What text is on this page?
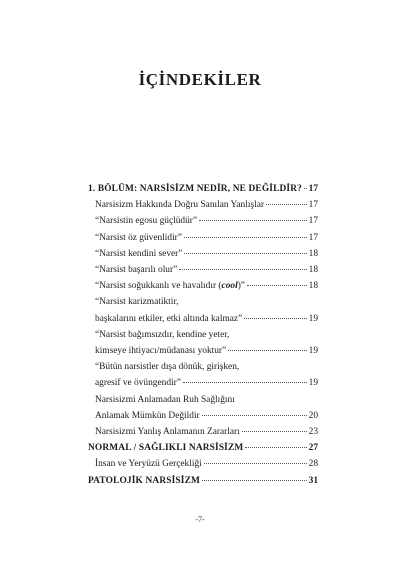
İÇİNDEKİLER
1. BÖLÜM: NARSİSİZM NEDİR, NE DEĞİLDİR? 17
Narsisizm Hakkında Doğru Sanılan Yanlışlar	17
“Narsistin egosu güçlüdür”	17
“Narsist öz güvenlidir”	17
“Narsist kendini sever”	18
“Narsist başarılı olur”	18
“Narsist soğukkanlı ve havalıdır (cool)”	18
“Narsist karizmatiktir,
başkalarını etkiler, etki altında kalmaz”	19
“Narsist bağımsızdır, kendine yeter,
kimseye ihtiyacı/müdanası yoktur”	19
“Bütün narsistler dışa dönük, girişken,
agresif ve övüngendir”	19
Narsisizmi Anlamadan Ruh Sağlığını
Anlamak Mümkün Değildir	20
Narsisizmi Yanlış Anlamanın Zararları	23
NORMAL / SAĞLIKLI NARSİSİZM	27
İnsan ve Yeryüzü Gerçekliği	28
PATOLOJİK NARSİSİZM	31
-7-
